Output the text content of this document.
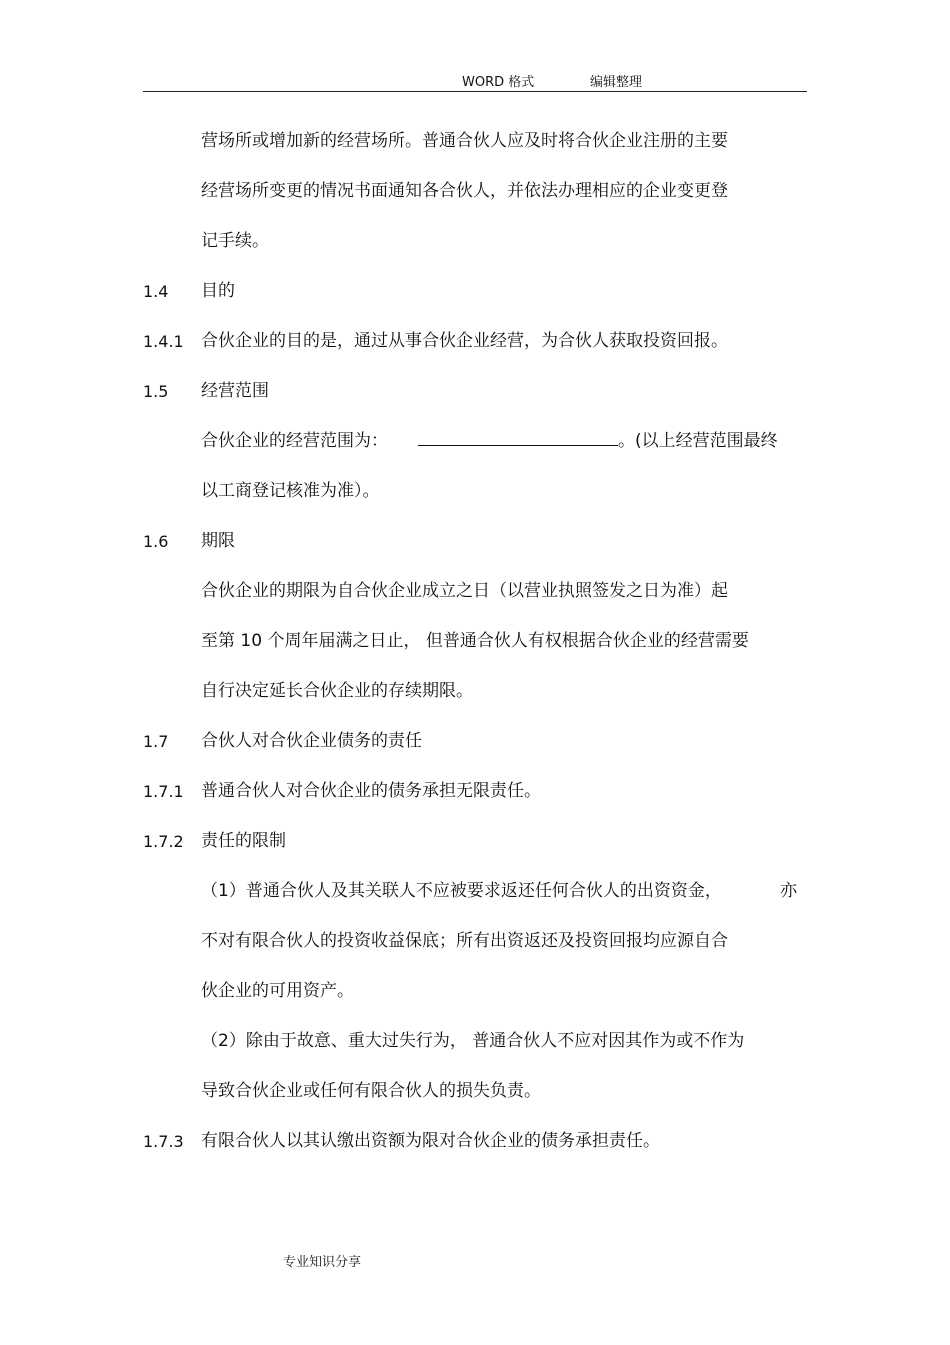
WORD 格式	编辑整理
营场所或增加新的经营场所。普通合伙人应及时将合伙企业注册的主要
经营场所变更的情况书面通知各合伙人，并依法办理相应的企业变更登
记手续。
1.4 目的
1.4.1 合伙企业的目的是，通过从事合伙企业经营，为合伙人获取投资回报。
1.5 经营范围
合伙企业的经营范围为：	。(以上经营范围最终
以工商登记核准为准）。
1.6 期限
合伙企业的期限为自合伙企业成立之日（以营业执照签发之日为准）起
至第 10 个周年届满之日止， 但普通合伙人有权根据合伙企业的经营需要
自行决定延长合伙企业的存续期限。
1.7 合伙人对合伙企业债务的责任
1.7.1 普通合伙人对合伙企业的债务承担无限责任。
1.7.2 责任的限制
（1）普通合伙人及其关联人不应被要求返还任何合伙人的出资资金，	亦
不对有限合伙人的投资收益保底；所有出资返还及投资回报均应源自合
伙企业的可用资产。
（2）除由于故意、重大过失行为， 普通合伙人不应对因其作为或不作为
导致合伙企业或任何有限合伙人的损失负责。
1.7.3 有限合伙人以其认缴出资额为限对合伙企业的债务承担责任。
专业知识分享
